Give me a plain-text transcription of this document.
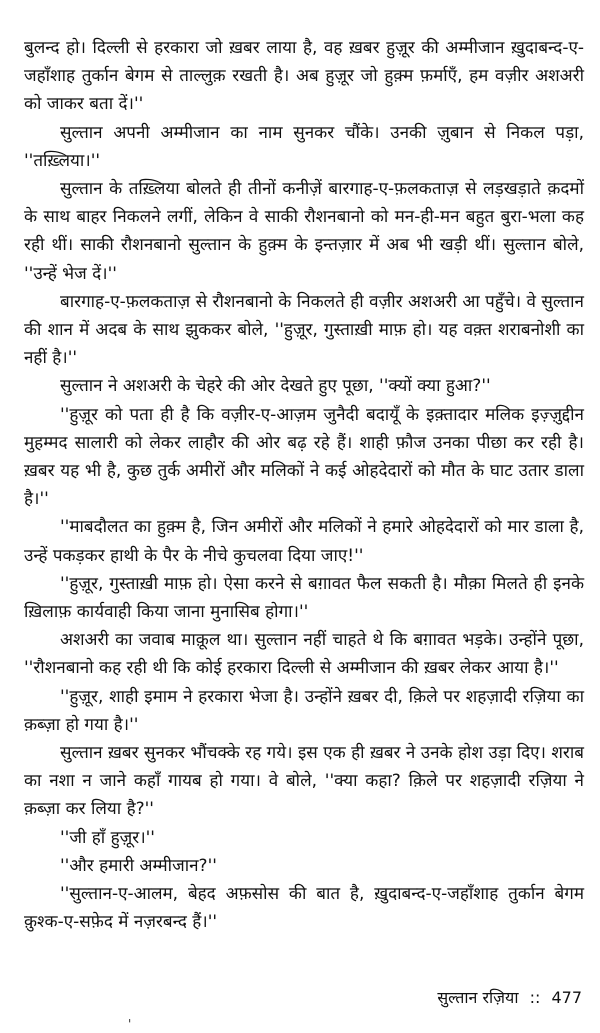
बुलन्द हो। दिल्ली से हरकारा जो ख़बर लाया है, वह ख़बर हुज़ूर की अम्मीजान ख़ुदाबन्द-ए-जहाँशाह तुर्कान बेगम से ताल्लुक़ रखती है। अब हुज़ूर जो हुक़्म फ़र्माएँ, हम वज़ीर अशअरी को जाकर बता दें।''

सुल्तान अपनी अम्मीजान का नाम सुनकर चौंके। उनकी ज़ुबान से निकल पड़ा, ''तख़्लिया।''

सुल्तान के तख़्लिया बोलते ही तीनों कनीज़ें बारगाह-ए-फ़लकताज़ से लड़खड़ाते क़दमों के साथ बाहर निकलने लगीं, लेकिन वे साकी रौशनबानो को मन-ही-मन बहुत बुरा-भला कह रही थीं। साकी रौशनबानो सुल्तान के हुक़्म के इन्तज़ार में अब भी खड़ी थीं। सुल्तान बोले, ''उन्हें भेज दें।''

बारगाह-ए-फ़लकताज़ से रौशनबानो के निकलते ही वज़ीर अशअरी आ पहुँचे। वे सुल्तान की शान में अदब के साथ झुककर बोले, ''हुज़ूर, गुस्ताख़ी माफ़ हो। यह वक़्त शराबनोशी का नहीं है।''

सुल्तान ने अशअरी के चेहरे की ओर देखते हुए पूछा, ''क्यों क्या हुआ?''

''हुज़ूर को पता ही है कि वज़ीर-ए-आज़म जुनैदी बदायूँ के इक़्तादार मलिक इज़्ज़ुद्दीन मुहम्मद सालारी को लेकर लाहौर की ओर बढ़ रहे हैं। शाही फ़ौज उनका पीछा कर रही है। ख़बर यह भी है, कुछ तुर्क अमीरों और मलिकों ने कई ओहदेदारों को मौत के घाट उतार डाला है।''

''माबदौलत का हुक़्म है, जिन अमीरों और मलिकों ने हमारे ओहदेदारों को मार डाला है, उन्हें पकड़कर हाथी के पैर के नीचे कुचलवा दिया जाए!''

''हुज़ूर, गुस्ताख़ी माफ़ हो। ऐसा करने से बग़ावत फैल सकती है। मौक़ा मिलते ही इनके ख़िलाफ़ कार्यवाही किया जाना मुनासिब होगा।''

अशअरी का जवाब माक़ूल था। सुल्तान नहीं चाहते थे कि बग़ावत भड़के। उन्होंने पूछा, ''रौशनबानो कह रही थी कि कोई हरकारा दिल्ली से अम्मीजान की ख़बर लेकर आया है।''

''हुज़ूर, शाही इमाम ने हरकारा भेजा है। उन्होंने ख़बर दी, क़िले पर शहज़ादी रज़िया का क़ब्ज़ा हो गया है।''

सुल्तान ख़बर सुनकर भौंचक्के रह गये। इस एक ही ख़बर ने उनके होश उड़ा दिए। शराब का नशा न जाने कहाँ गायब हो गया। वे बोले, ''क्या कहा? क़िले पर शहज़ादी रज़िया ने क़ब्ज़ा कर लिया है?''

''जी हाँ हुज़ूर।''

''और हमारी अम्मीजान?''

''सुल्तान-ए-आलम, बेहद अफ़सोस की बात है, ख़ुदाबन्द-ए-जहाँशाह तुर्कान बेगम क़ुश्क-ए-सफ़ेद में नज़रबन्द हैं।''

सुल्तान रज़िया :: 477
'
